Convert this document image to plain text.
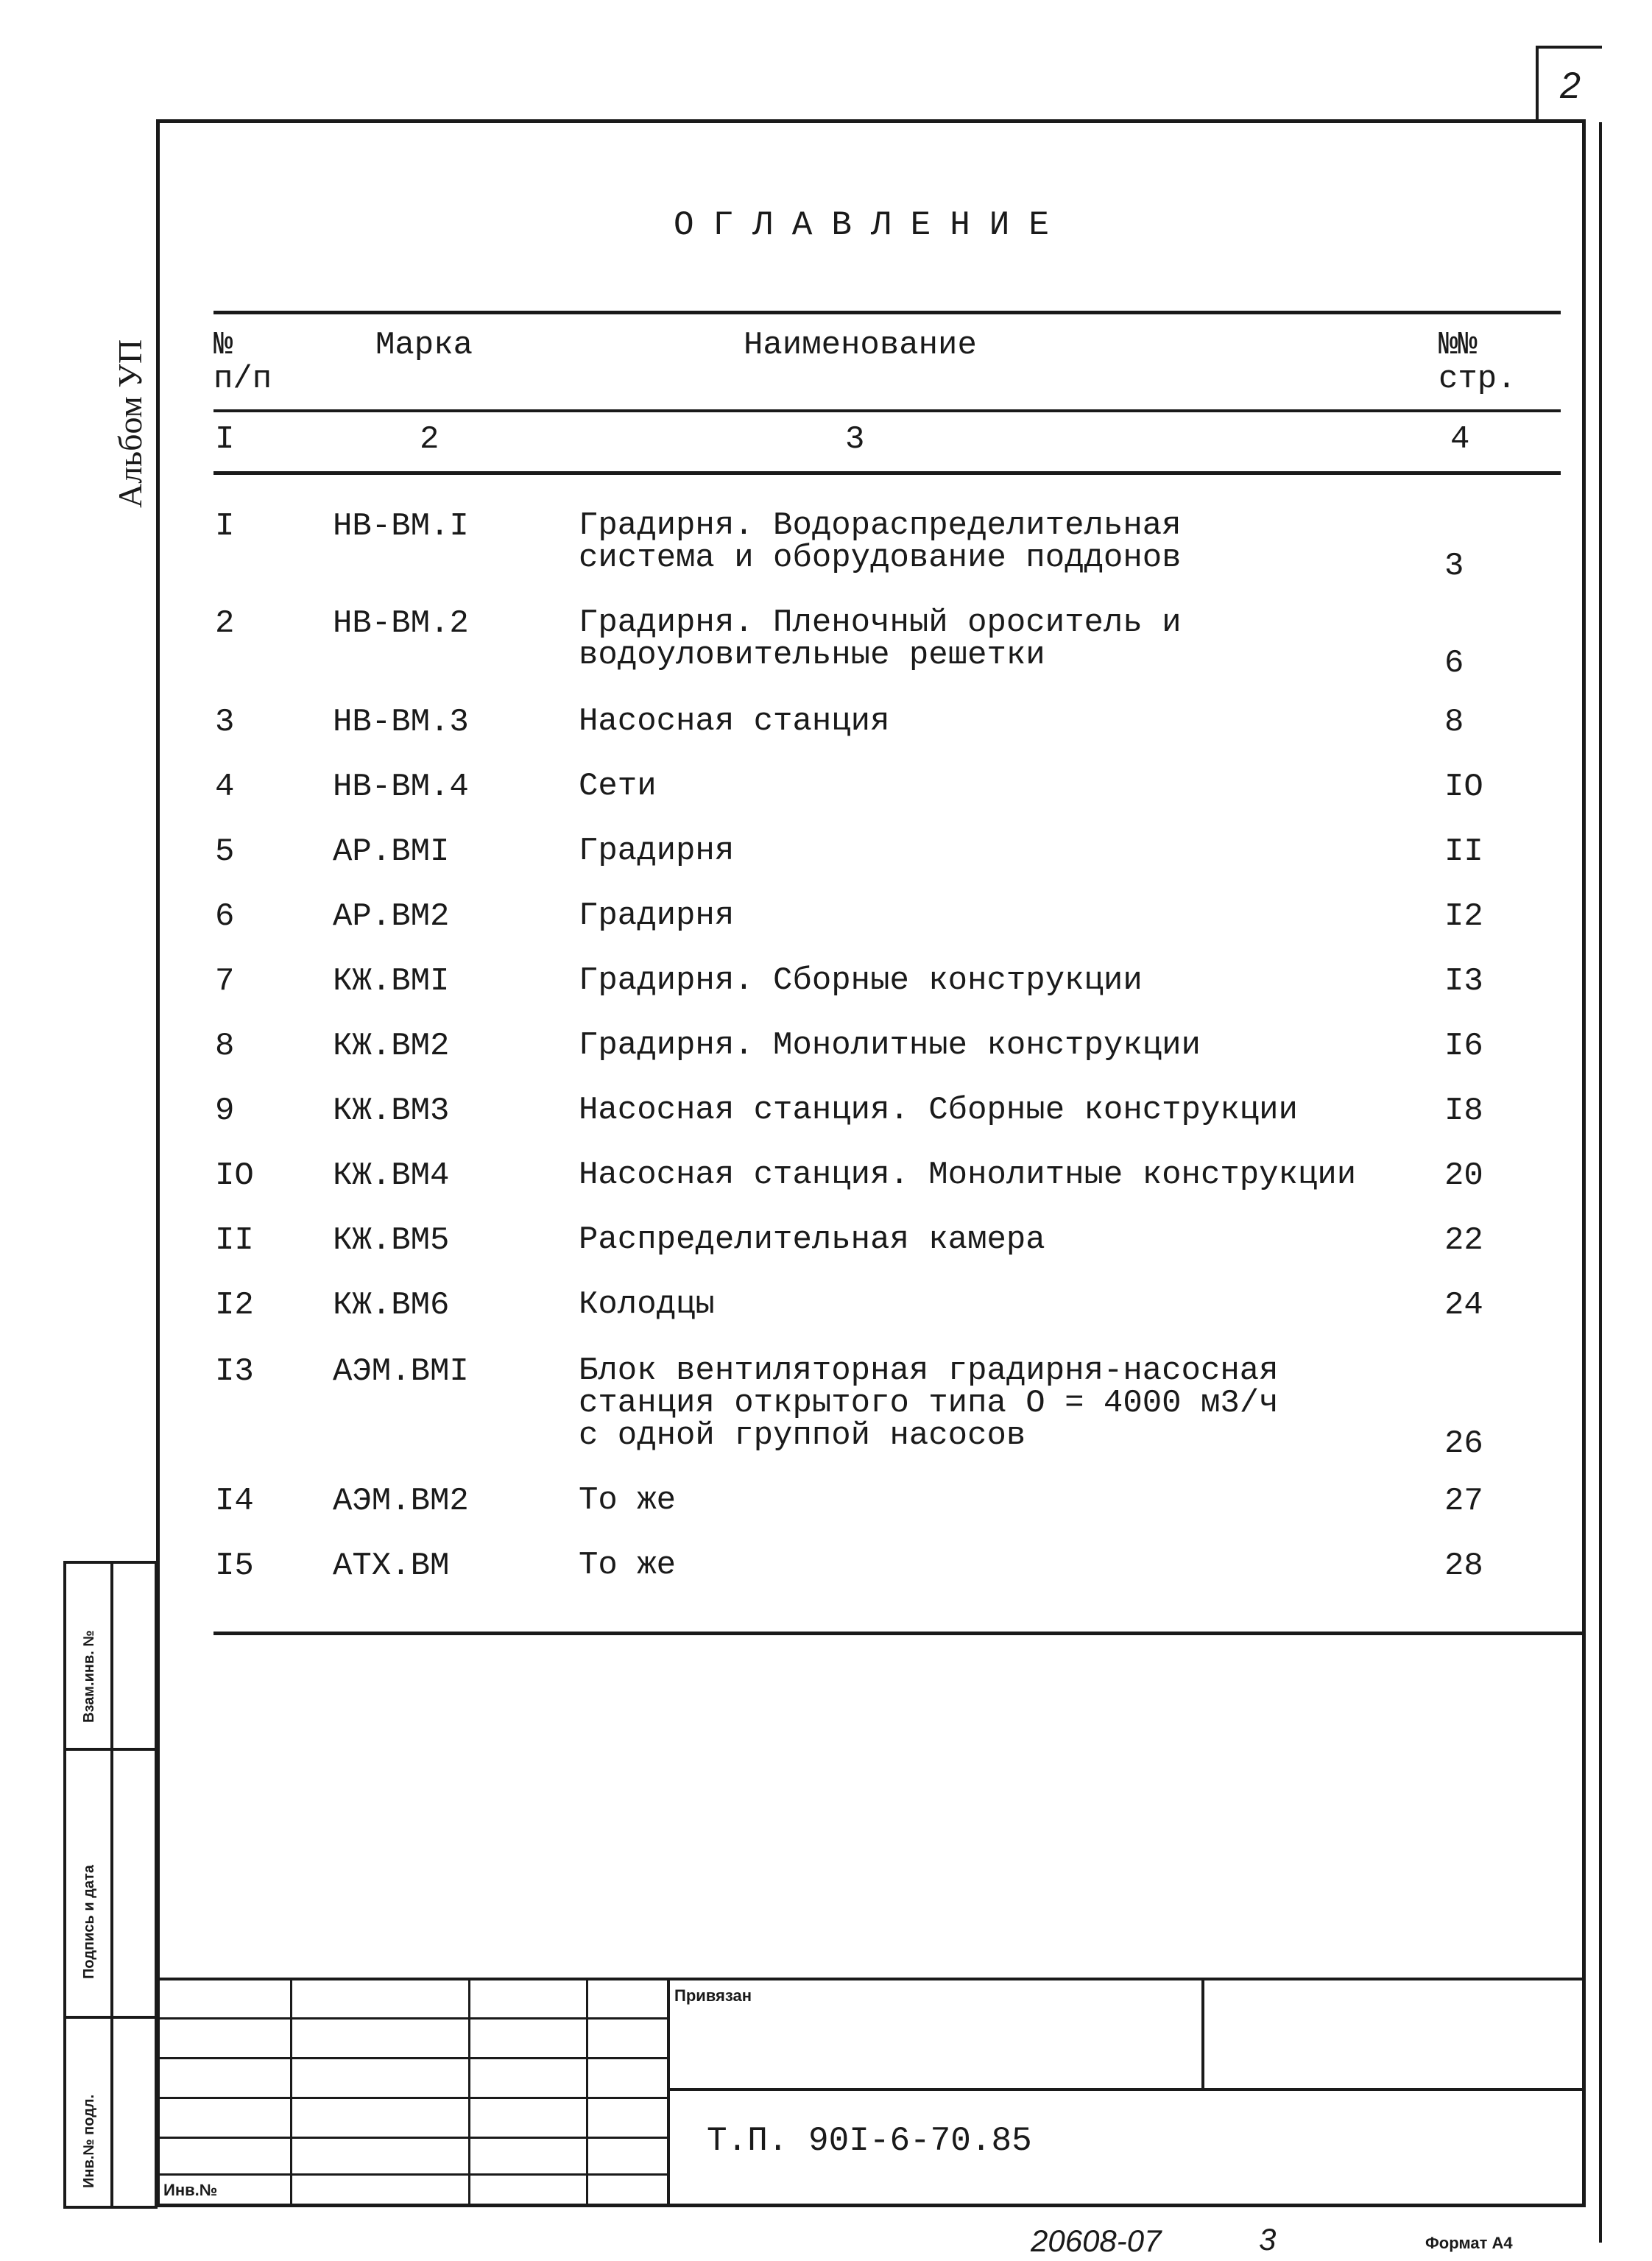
2
Альбом УП
ОГЛАВЛЕНИЕ
№
п/п
Марка	Наименование	№№
стр.
I	2	3	4
I	НВ-ВМ.I	Градирня. Водораспределительная
система и оборудование поддонов	3
2	НВ-ВМ.2	Градирня. Пленочный ороситель и
водоуловительные решетки	6
3	НВ-ВМ.3	Насосная станция	8
4	НВ-ВМ.4	Сети	IO
5	АР.ВМI	Градирня	II
6	АР.ВМ2	Градирня	I2
7	КЖ.ВМI	Градирня. Сборные конструкции	I3
8	КЖ.ВМ2	Градирня. Монолитные конструкции	I6
9	КЖ.ВМ3	Насосная станция. Сборные конструкции	I8
IO КЖ.ВМ4	Насосная станция. Монолитные конструкции	20
II КЖ.ВМ5	Распределительная камера	22
I2 КЖ.ВМ6	Колодцы	24
I3 АЭМ.ВМI	Блок вентиляторная градирня-насосная
станция открытого типа О = 4000 м3/ч
с одной группой насосов	26
I4 АЭМ.ВМ2	То же	27
I5 АТХ.ВМ	То же	28
Взам.инв. №
Подпись и дата
Инв.№ подл.
Инв.№
Привязан
Т.П. 90I-6-70.85
20608-07	3	Формат А4
